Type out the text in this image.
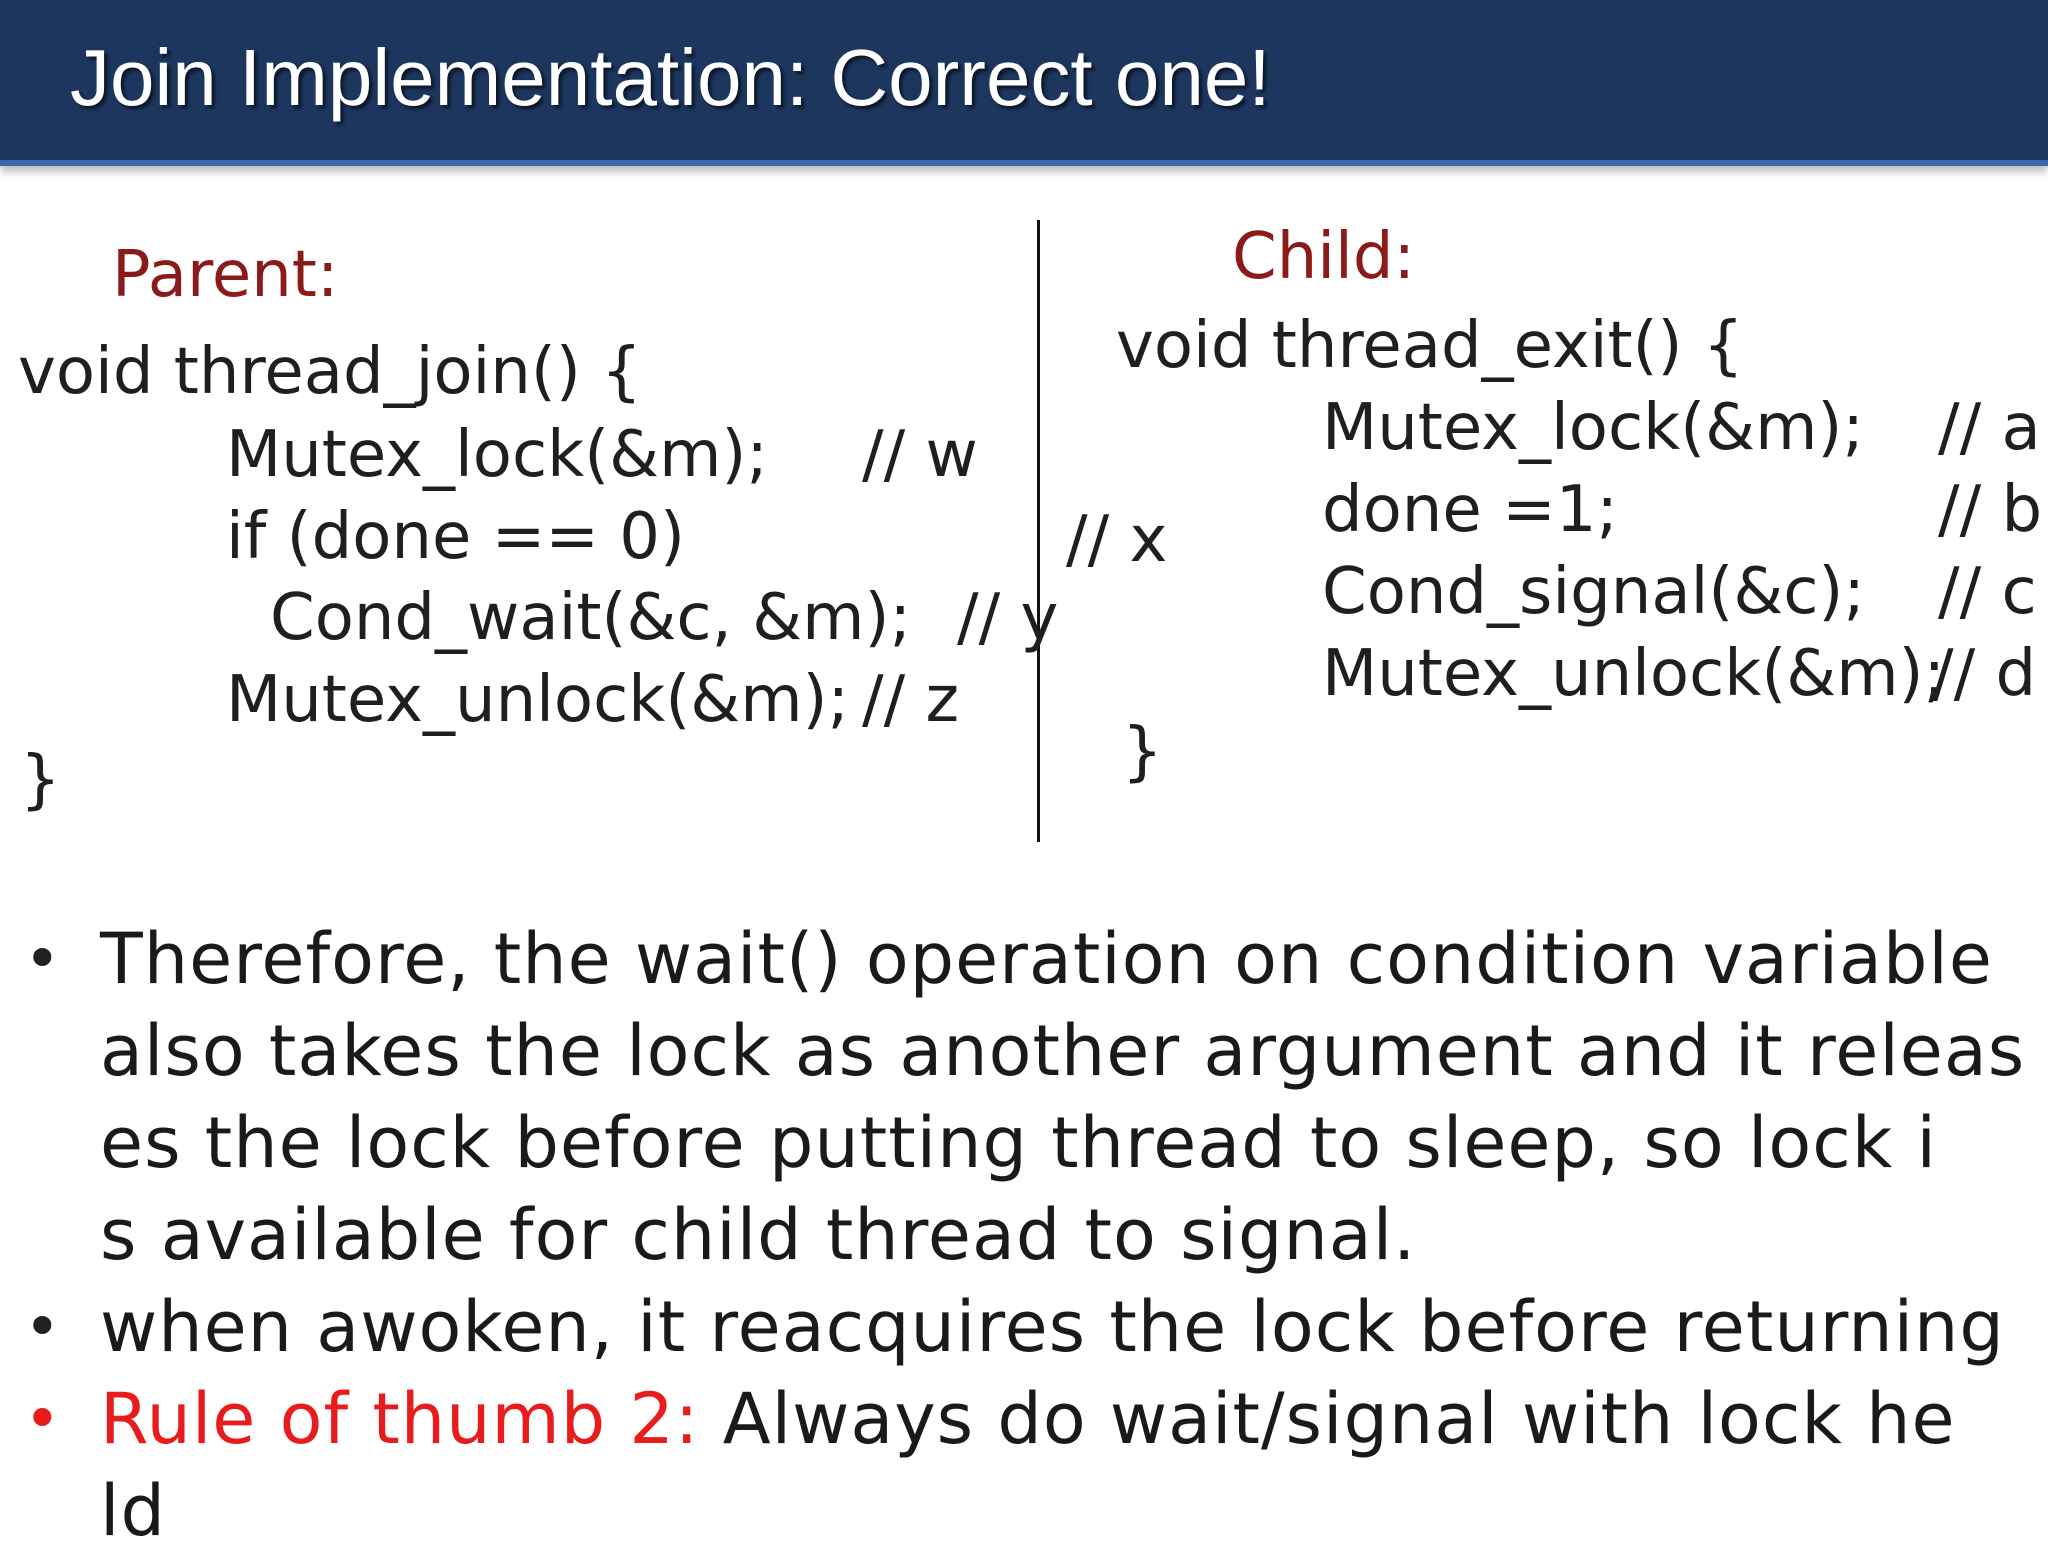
Join Implementation: Correct one!
Parent:
void thread_join() {
Mutex_lock(&m); // w
if (done == 0)	// x
Cond_wait(&c, &m); // y
Mutex_unlock(&m); // z
}
Child:
void thread_exit() {
Mutex_lock(&m); // a
done =1;	// b
Cond_signal(&c); // c
Mutex_unlock(&m);
// d
}
• Therefore, the wait() operation on condition variable
also takes the lock as another argument and it releas
es the lock before putting thread to sleep, so lock i
s available for child thread to signal.
• when awoken, it reacquires the lock before returning
• Rule of thumb 2: Always do wait/signal with lock he
ld
